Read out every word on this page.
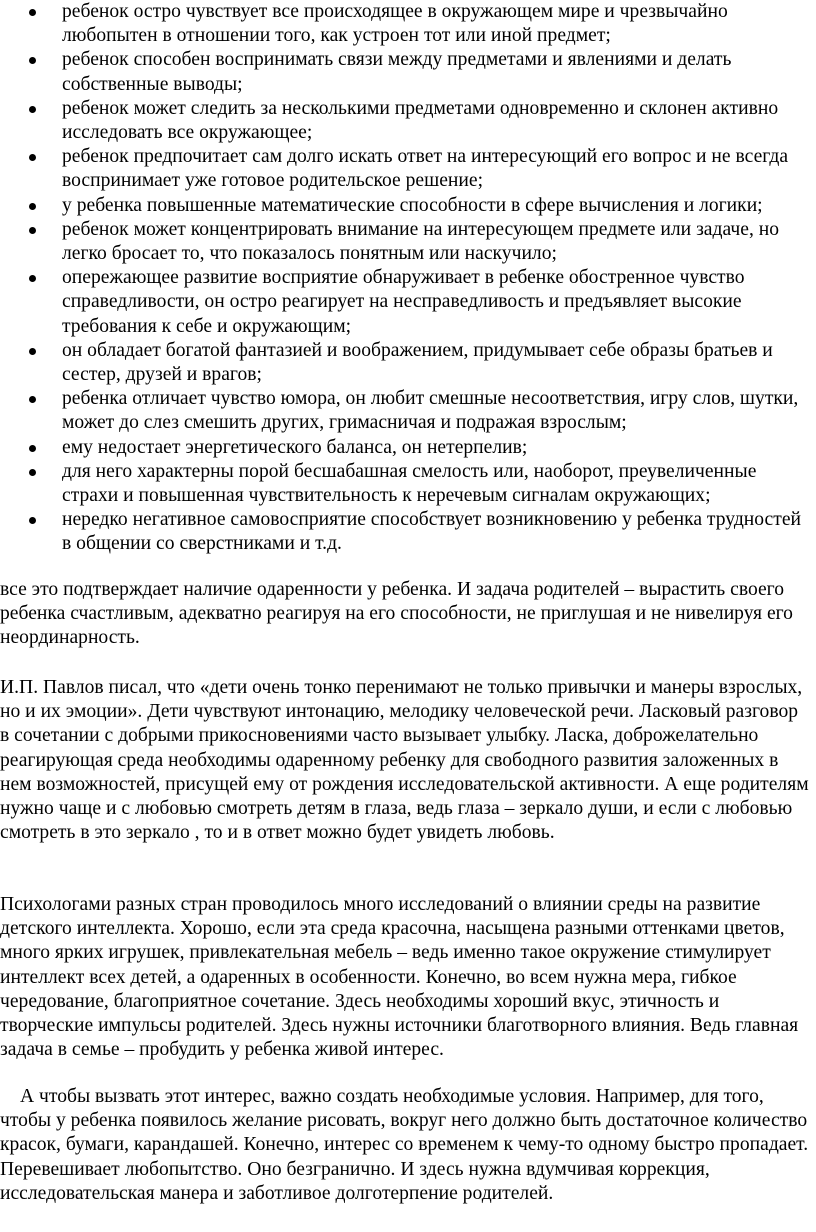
ребенок остро чувствует все происходящее в окружающем мире и чрезвычайно любопытен в отношении того, как устроен тот или иной предмет;
ребенок способен воспринимать связи между предметами и явлениями и делать собственные выводы;
ребенок может следить за несколькими предметами одновременно и склонен активно исследовать все окружающее;
ребенок предпочитает сам долго искать ответ на интересующий его вопрос и не всегда воспринимает уже готовое родительское решение;
у ребенка повышенные математические способности в сфере вычисления и логики;
ребенок может концентрировать внимание на интересующем предмете или задаче, но легко бросает то, что показалось понятным или наскучило;
опережающее развитие восприятие обнаруживает в ребенке обостренное чувство справедливости, он остро реагирует на несправедливость и предъявляет высокие требования к себе и окружающим;
он обладает богатой фантазией и воображением, придумывает себе образы братьев и сестер, друзей и врагов;
ребенка отличает чувство юмора, он любит смешные несоответствия, игру слов, шутки, может до слез смешить других, гримасничая и подражая взрослым;
ему недостает энергетического баланса, он нетерпелив;
для него характерны порой бесшабашная смелость или, наоборот, преувеличенные страхи и повышенная чувствительность к неречевым сигналам окружающих;
нередко негативное самовосприятие способствует возникновению у ребенка трудностей в общении со сверстниками и т.д.

все это подтверждает наличие одаренности у ребенка. И задача родителей – вырастить своего ребенка счастливым, адекватно реагируя на его способности, не приглушая и не нивелируя его неординарность.

И.П. Павлов писал, что «дети очень тонко перенимают не только привычки и манеры взрослых, но и их эмоции». Дети чувствуют интонацию, мелодику человеческой речи. Ласковый разговор в сочетании с добрыми прикосновениями часто вызывает улыбку. Ласка, доброжелательно реагирующая среда необходимы одаренному ребенку для свободного развития заложенных в нем возможностей, присущей ему от рождения исследовательской активности. А еще родителям нужно чаще и с любовью смотреть детям в глаза, ведь глаза – зеркало души, и если с любовью смотреть в это зеркало , то и в ответ можно будет увидеть любовь.

Психологами разных стран проводилось много исследований о влиянии среды на развитие детского интеллекта. Хорошо, если эта среда красочна, насыщена разными оттенками цветов, много ярких игрушек, привлекательная мебель – ведь именно такое окружение стимулирует интеллект всех детей, а одаренных в особенности. Конечно, во всем нужна мера, гибкое чередование, благоприятное сочетание. Здесь необходимы хороший вкус, этичность и творческие импульсы родителей. Здесь нужны источники благотворного влияния. Ведь главная задача в семье – пробудить у ребенка живой интерес.

А чтобы вызвать этот интерес, важно создать необходимые условия. Например, для того, чтобы у ребенка появилось желание рисовать, вокруг него должно быть достаточное количество красок, бумаги, карандашей. Конечно, интерес со временем к чему-то одному быстро пропадает. Перевешивает любопытство. Оно безгранично. И здесь нужна вдумчивая коррекция, исследовательская манера и заботливое долготерпение родителей.
